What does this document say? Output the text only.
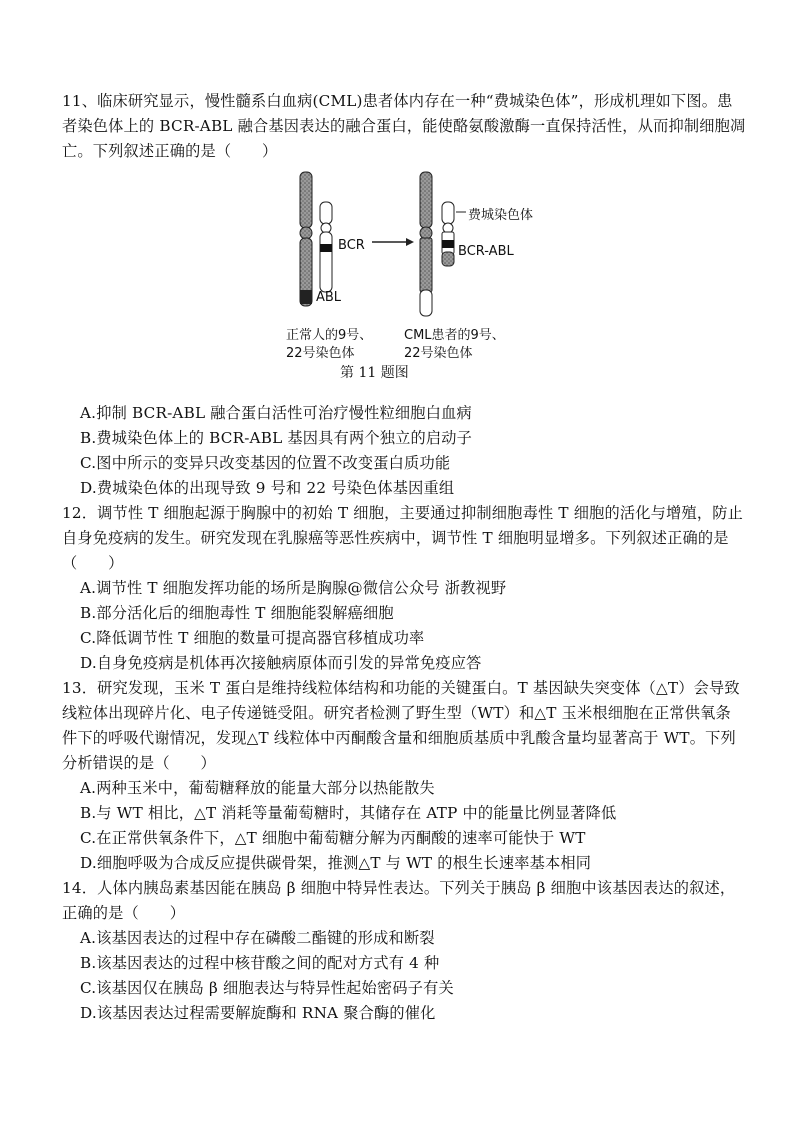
11、临床研究显示，慢性髓系白血病(CML)患者体内存在一种“费城染色体”，形成机理如下图。患
者染色体上的 BCR-ABL 融合基因表达的融合蛋白，能使酪氨酸激酶一直保持活性，从而抑制细胞凋
亡。下列叙述正确的是（　　）
BCR
ABL
费城染色体
BCR-ABL
正常人的9号、
22号染色体
CML患者的9号、
22号染色体
第 11 题图
A.抑制 BCR-ABL 融合蛋白活性可治疗慢性粒细胞白血病
B.费城染色体上的 BCR-ABL 基因具有两个独立的启动子
C.图中所示的变异只改变基因的位置不改变蛋白质功能
D.费城染色体的出现导致 9 号和 22 号染色体基因重组
12．调节性 T 细胞起源于胸腺中的初始 T 细胞，主要通过抑制细胞毒性 T 细胞的活化与增殖，防止
自身免疫病的发生。研究发现在乳腺癌等恶性疾病中，调节性 T 细胞明显增多。下列叙述正确的是
（　　）
A.调节性 T 细胞发挥功能的场所是胸腺@微信公众号 浙教视野
B.部分活化后的细胞毒性 T 细胞能裂解癌细胞
C.降低调节性 T 细胞的数量可提高器官移植成功率
D.自身免疫病是机体再次接触病原体而引发的异常免疫应答
13．研究发现，玉米 T 蛋白是维持线粒体结构和功能的关键蛋白。T 基因缺失突变体（△T）会导致
线粒体出现碎片化、电子传递链受阻。研究者检测了野生型（WT）和△T 玉米根细胞在正常供氧条
件下的呼吸代谢情况，发现△T 线粒体中丙酮酸含量和细胞质基质中乳酸含量均显著高于 WT。下列
分析错误的是（　　）
A.两种玉米中，葡萄糖释放的能量大部分以热能散失
B.与 WT 相比，△T 消耗等量葡萄糖时，其储存在 ATP 中的能量比例显著降低
C.在正常供氧条件下，△T 细胞中葡萄糖分解为丙酮酸的速率可能快于 WT
D.细胞呼吸为合成反应提供碳骨架，推测△T 与 WT 的根生长速率基本相同
14．人体内胰岛素基因能在胰岛 β 细胞中特异性表达。下列关于胰岛 β 细胞中该基因表达的叙述，
正确的是（　　）
A.该基因表达的过程中存在磷酸二酯键的形成和断裂
B.该基因表达的过程中核苷酸之间的配对方式有 4 种
C.该基因仅在胰岛 β 细胞表达与特异性起始密码子有关
D.该基因表达过程需要解旋酶和 RNA 聚合酶的催化
